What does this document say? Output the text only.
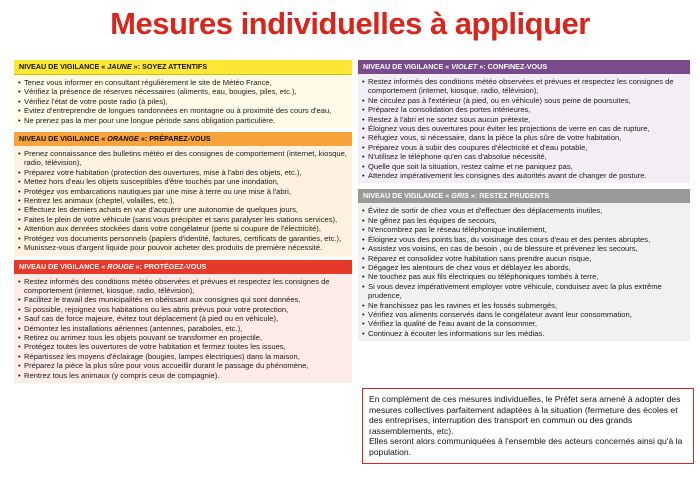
Mesures individuelles à appliquer
NIVEAU DE VIGILANCE « JAUNE »: SOYEZ ATTENTIFS
• Tenez vous informer en consultant régulièrement le site de Météo France,
• Vérifiez la présence de réserves nécessaires (aliments, eau, bougies, piles, etc.),
• Vérifiez l'état de votre poste radio (à piles),
• Evitez d'entreprendre de longues randonnées en montagne ou à proximité des cours d'eau,
• Ne prenez pas la mer pour une longue période sans obligation particulière.
NIVEAU DE VIGILANCE « ORANGE »: PRÉPAREZ-VOUS
• Prenez connaissance des bulletins météo et des consignes de comportement (internet, kiosque, radio, télévision),
• Préparez votre habitation (protection des ouvertures, mise à l'abri des objets, etc.),
• Mettez hors d'eau les objets susceptibles d'être touchés par une inondation,
• Protégez vos embarcations nautiques par une mise à terre ou une mise à l'abri,
• Rentrez les animaux (cheptel, volailles, etc.),
• Effectuez les derniers achats en vue d'acquérir une autonomie de quelques jours,
• Faites le plein de votre véhicule (sans vous précipiter et sans paralyser les stations services),
• Attention aux denrées stockées dans votre congélateur (perte si coupure de l'électricité),
• Protégez vos documents personnels (papiers d'identité, factures, certificats de garanties, etc.),
• Munissez-vous d'argent liquide pour pouvoir acheter des produits de première nécessité.
NIVEAU DE VIGILANCE « ROUGE »: PROTÉGEZ-VOUS
• Restez informés des conditions météo observées et prévues et respectez les consignes de comportement (internet, kiosque, radio, télévision),
• Facilitez le travail des municipalités en obéissant aux consignes qui sont données,
• Si possible, rejoignez vos habitations ou les abris prévus pour votre protection,
• Sauf cas de force majeure, évitez tout déplacement (à pied ou en véhicule),
• Démontez les installations aériennes (antennes, paraboles, etc.),
• Retirez ou arrimez tous les objets pouvant se transformer en projectile,
• Protégez toutes les ouvertures de votre habitation et fermez toutes les issues,
• Répartissez les moyens d'éclairage (bougies, lampes électriques) dans la maison,
• Préparez la pièce la plus sûre pour vous accueillir durant le passage du phénomène,
• Rentrez tous les animaux (y compris ceux de compagnie).
NIVEAU DE VIGILANCE « VIOLET »: CONFINEZ-VOUS
• Restez informés des conditions météo observées et prévues et respectez les consignes de comportement (internet, kiosque, radio, télévision),
• Ne circulez pas à l'extérieur (à pied, ou en véhicule) sous peine de poursuites,
• Préparez la consolidation des portes intérieures,
• Restez à l'abri et ne sortez sous aucun prétexte,
• Éloignez vous des ouvertures pour éviter les projections de verre en cas de rupture,
• Réfugiez vous, si nécessaire, dans la pièce la plus sûre de votre habitation,
• Préparez vous à subir des coupures d'électricité et d'eau potable,
• N'utilisez le téléphone qu'en cas d'absolue nécessité,
• Quelle que soit la situation, restez calme et ne paniquez pas,
• Attendez impérativement les consignes des autorités avant de changer de posture.
NIVEAU DE VIGILANCE « GRIS »: RESTEZ PRUDENTS
• Évitez de sortir de chez vous et d'effectuer des déplacements inutiles,
• Ne gênez pas les équipes de secours,
• N'encombrez pas le réseau téléphonique inutilement,
• Éloignez vous des points bas, du voisinage des cours d'eau et des pentes abruptes,
• Assistez vos voisins, en cas de besoin , ou de blessure et prévenez les secours,
• Réparez et consolidez votre habitation sans prendre aucun risque,
• Dégagez les alentours de chez vous et déblayez les abords,
• Ne touchez pas aux fils électriques ou téléphoniques tombés à terre,
• Si vous devez impérativement employer votre véhicule, conduisez avec la plus extrême prudence,
• Ne franchissez pas les ravines et les fossés submergés,
• Vérifiez vos aliments conservés dans le congélateur avant leur consommation,
• Vérifiez la qualité de l'eau avant de la consommer,
• Continuez à écouter les informations sur les médias.

En complément de ces mesures individuelles, le Préfet sera amené à adopter des mesures collectives parfaitement adaptées à la situation (fermeture des écoles et des entreprises, interruption des transport en commun ou des grands rassemblements, etc).

Elles seront alors communiquées à l'ensemble des acteurs concernés ainsi qu'à la population.
